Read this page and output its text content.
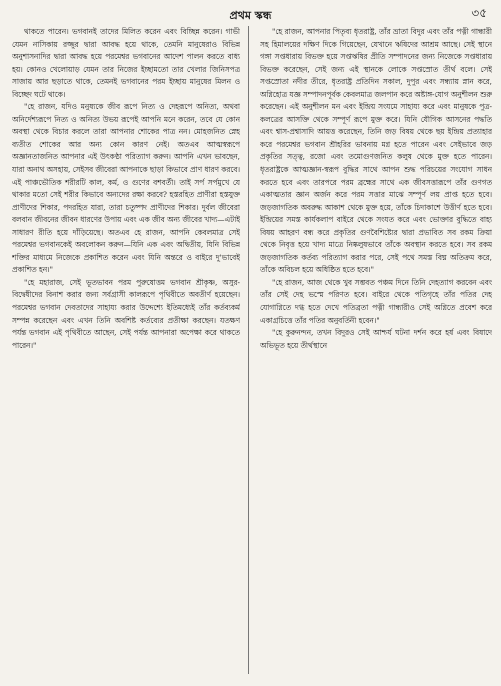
প্রথম স্কন্ধ	৩৫

থাকতে পারেন। ভগবানই তাদের মিলিত করেন এবং বিচ্ছিন্ন করেন। গাভী যেমন নাসিকায় রজ্জুর দ্বারা আবদ্ধ হয়ে থাকে, তেমনি মানুষেরাও বিভিন্ন অনুশাসনাদির দ্বারা আবদ্ধ হয়ে পরমেশ্বর ভগবানের আদেশ পালন করতে বাধ্য হয়। কোনও খেলোয়াড় যেমন তার নিজের ইচ্ছামতো তার খেলার জিনিসপত্র সাজায় আর ছড়াতে থাকে, তেমনই ভগবানের পরম ইচ্ছায় মানুষের মিলন ও বিচ্ছেদ ঘটে থাকে।

"হে রাজন, যদিও মনুষ্যকে জীব রূপে নিত্য ও দেহরূপে অনিত্য, অথবা অনির্দেশ্যরূপে নিত্য ও অনিত্য উভয় রূপেই আপনি মনে করেন, তবে যে কোন অবস্থা থেকে বিচার করলে তারা আপনার শোকের পাত্র নন। মোহজনিত স্নেহ ব্যতীত শোকের আর অন্য কোন কারণ নেই। অতএব আত্মস্বরূপে অজ্ঞানতাজনিত আপনার এই উৎকণ্ঠা পরিত্যাগ করুন। আপনি এখন ভাবছেন, যারা অনাথ অসহায়, সেইসব জীবেরা আপনাকে ছাড়া কিভাবে প্রাণ ধারণ করবে। এই পাঞ্চভৌতিক শরীরটি কাল, কর্ম, ও গুণের বশবর্তী। তাই সর্প সর্পমুখে যে থাকার মতো সেই শরীর কিভাবে অন্যদের রক্ষা করবে? হস্তরহিত প্রাণীরা হস্তযুক্ত প্রাণীদের শিকার, পদরহিত যারা, তারা চতুষ্পদ প্রাণীদের শিকার। দুর্বল জীবেরা বলবান জীবনের জীবন ধারণের উপায় এবং এক জীব অন্য জীবের খাদ্য—এটাই সাধারণ রীতি হয়ে দাঁড়িয়েছে। অতএব হে রাজন, আপনি কেবলমাত্র সেই পরমেশ্বর ভগবানকেই অবলোকন করুন—যিনি এক এবং অদ্বিতীয়, যিনি বিভিন্ন শক্তির মাধ্যমে নিজেকে প্রকাশিত করেন এবং যিনি অন্তরে ও বাইরে দু'ভাবেই প্রকাশিত হন।"

"হে মহারাজ, সেই ভূতভাবন পরম পুরুষোত্তম ভগবান শ্রীকৃষ্ণ, অসুর-বিদ্বেষীদের বিনাশ করার জন্য সর্বগ্রাসী কালরূপে পৃথিবীতে অবতীর্ণ হয়েছেন। পরমেশ্বর ভগবান দেবতাদের সাহায্য করার উদ্দেশ্যে ইতিমধ্যেই তাঁর কর্তব্যকর্ম সম্পন্ন করেছেন এবং এখন তিনি অবশিষ্ট কর্তব্যের প্রতীক্ষা করছেন। যতক্ষণ পর্যন্ত ভগবান এই পৃথিবীতে আছেন, সেই পর্যন্ত আপনারা অপেক্ষা করে থাকতে পারেন।"

"হে রাজন, আপনার পিতৃব্য ধৃতরাষ্ট্র, তাঁর ভ্রাতা বিদুর এবং তাঁর পত্নী গান্ধারী সহ হিমালয়ের দক্ষিণ দিকে গিয়েছেন, যেখানে ঋষিদের আশ্রম আছে। সেই স্থানে গঙ্গা সপ্তধারায় বিভক্ত হয়ে সপ্তঋষির প্রীতি সম্পাদনের জন্য নিজেকে সপ্তধারায় বিভক্ত করেছেন, সেই জন্য এই স্থানকে লোকে সপ্তস্রোত তীর্থ বলে। সেই সপ্তস্রোতা নদীর তীরে, ধৃতরাষ্ট্র প্রতিদিন সকাল, দুপুর এবং সন্ধ্যায় স্নান করে, অগ্নিহোত্র যজ্ঞ সম্পাদনপূর্বক কেবলমাত্র জলপান করে অষ্টাঙ্গ-যোগ অনুশীলন শুরু করেছেন। এই অনুশীলন মন এবং ইন্দ্রিয় সংযমে সাহায্য করে এবং মানুষকে পুত্র-কলত্রের আসক্তি থেকে সম্পূর্ণ রূপে মুক্ত করে। যিনি যৌগিক আসনের পদ্ধতি এবং শ্বাস-প্রশ্বাসাদি আয়ত্ত করেছেন, তিনি জড় বিষয় থেকে ছয় ইন্দ্রিয় প্রত্যাহার করে পরমেশ্বর ভগবান শ্রীহরির ভাবনায় মগ্ন হতে পারেন এবং সেইভাবে জড় প্রকৃতির সত্ত্ব, রজো এবং তমোগুণজনিত কলুষ থেকে মুক্ত হতে পারেন। ধৃতরাষ্ট্রকে আত্মজ্ঞান-স্বরূপ বুদ্ধির সাথে আপন শুদ্ধ পরিচয়ের সংযোগ সাধন করতে হবে এবং তারপরে পরম ব্রহ্মের সাথে এক জীবসত্তারূপে তাঁর গুণগত একাত্মতার জ্ঞান অর্জন করে পরম সত্তার মাঝে সম্পূর্ণ লয় প্রাপ্ত হতে হবে। জড়জাগতিক অবরুদ্ধ আকাশ থেকে মুক্ত হয়ে, তাঁকে চিদাকাশে উত্তীর্ণ হতে হবে। ইন্দ্রিয়ের সমস্ত কার্যকলাপ বাইরে থেকে সংযত করে এবং ভোক্তার বুদ্ধিতে বাহ্য বিষয় আহরণ বন্ধ করে প্রকৃতির গুণবৈশিষ্ট্যের দ্বারা প্রভাবিত সব রকম ক্রিয়া থেকে নিবৃত্ত হয়ে খাদ্য মাত্রে নিষ্কলুষভাবে তাঁকে অবস্থান করতে হবে। সব রকম জড়জাগতিক কর্তব্য পরিত্যাগ করার পরে, সেই পথে সমস্ত বিঘ্ন অতিক্রম করে, তাঁকে অবিচল হয়ে অধিষ্ঠিত হতে হবে।"

"হে রাজন, আজ থেকে খুব সম্ভবত পঞ্চম দিনে তিনি দেহত্যাগ করবেন এবং তাঁর সেই দেহ ভস্মে পরিণত হবে। বাইরে থেকে পতিগৃহে তাঁর পতির দেহ যোগাগ্নিতে দগ্ধ হতে দেখে পতিব্রতা পত্নী গান্ধারীও সেই অগ্নিতে প্রবেশ করে একাগ্রচিত্তে তাঁর পতির অনুবর্তিনী হবেন।"

"হে কুরুনন্দন, তখন বিদুরও সেই আশ্চর্য ঘটনা দর্শন করে হর্ষ এবং বিষাদে অভিভূত হয়ে তীর্থস্থানে
